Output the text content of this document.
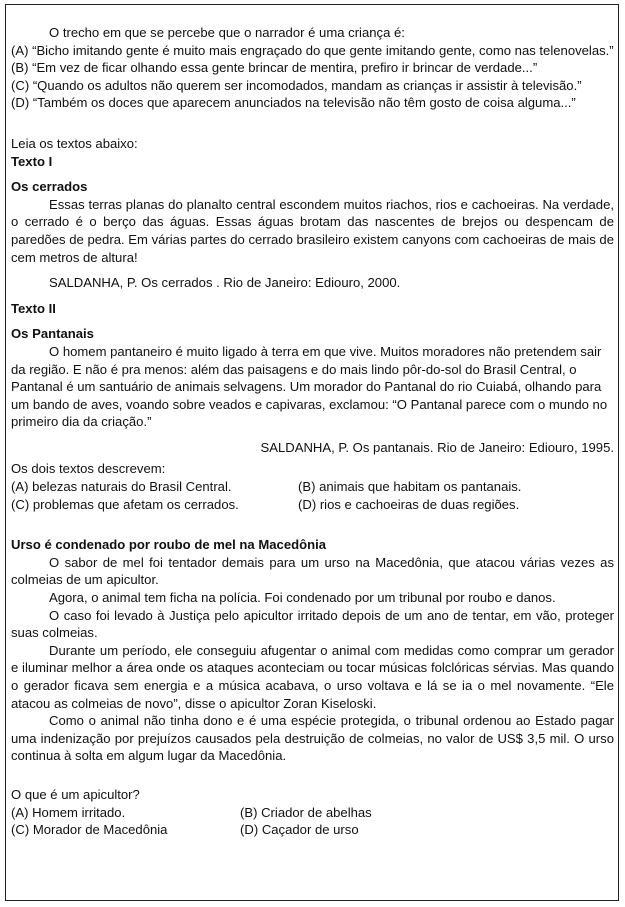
O trecho em que se percebe que o narrador é uma criança é:

(A) “Bicho imitando gente é muito mais engraçado do que gente imitando gente, como nas telenovelas.”

(B) “Em vez de ficar olhando essa gente brincar de mentira, prefiro ir brincar de verdade...”

(C) “Quando os adultos não querem ser incomodados, mandam as crianças ir assistir à televisão.”

(D) “Também os doces que aparecem anunciados na televisão não têm gosto de coisa alguma...”

Leia os textos abaixo:

Texto I

Os cerrados

Essas terras planas do planalto central escondem muitos riachos, rios e cachoeiras. Na verdade, o cerrado é o berço das águas. Essas águas brotam das nascentes de brejos ou despencam de paredões de pedra. Em várias partes do cerrado brasileiro existem canyons com cachoeiras de mais de cem metros de altura!

SALDANHA, P. Os cerrados . Rio de Janeiro: Ediouro, 2000.

Texto II

Os Pantanais

O homem pantaneiro é muito ligado à terra em que vive. Muitos moradores não pretendem sair da região. E não é pra menos: além das paisagens e do mais lindo pôr-do-sol do Brasil Central, o Pantanal é um santuário de animais selvagens. Um morador do Pantanal do rio Cuiabá, olhando para um bando de aves, voando sobre veados e capivaras, exclamou: “O Pantanal parece com o mundo no primeiro dia da criação.”

SALDANHA, P. Os pantanais. Rio de Janeiro: Ediouro, 1995.

Os dois textos descrevem:

(A) belezas naturais do Brasil Central.	(B) animais que habitam os pantanais.
(C) problemas que afetam os cerrados.	(D) rios e cachoeiras de duas regiões.

Urso é condenado por roubo de mel na Macedônia

O sabor de mel foi tentador demais para um urso na Macedônia, que atacou várias vezes as colmeias de um apicultor.

Agora, o animal tem ficha na polícia. Foi condenado por um tribunal por roubo e danos.

O caso foi levado à Justiça pelo apicultor irritado depois de um ano de tentar, em vão, proteger suas colmeias.

Durante um período, ele conseguiu afugentar o animal com medidas como comprar um gerador e iluminar melhor a área onde os ataques aconteciam ou tocar músicas folclóricas sérvias. Mas quando o gerador ficava sem energia e a música acabava, o urso voltava e lá se ia o mel novamente. “Ele atacou as colmeias de novo”, disse o apicultor Zoran Kiseloski.

Como o animal não tinha dono e é uma espécie protegida, o tribunal ordenou ao Estado pagar uma indenização por prejuízos causados pela destruição de colmeias, no valor de US$ 3,5 mil. O urso continua à solta em algum lugar da Macedônia.

O que é um apicultor?

(A) Homem irritado.	(B) Criador de abelhas
(C) Morador de Macedônia	(D) Caçador de urso
